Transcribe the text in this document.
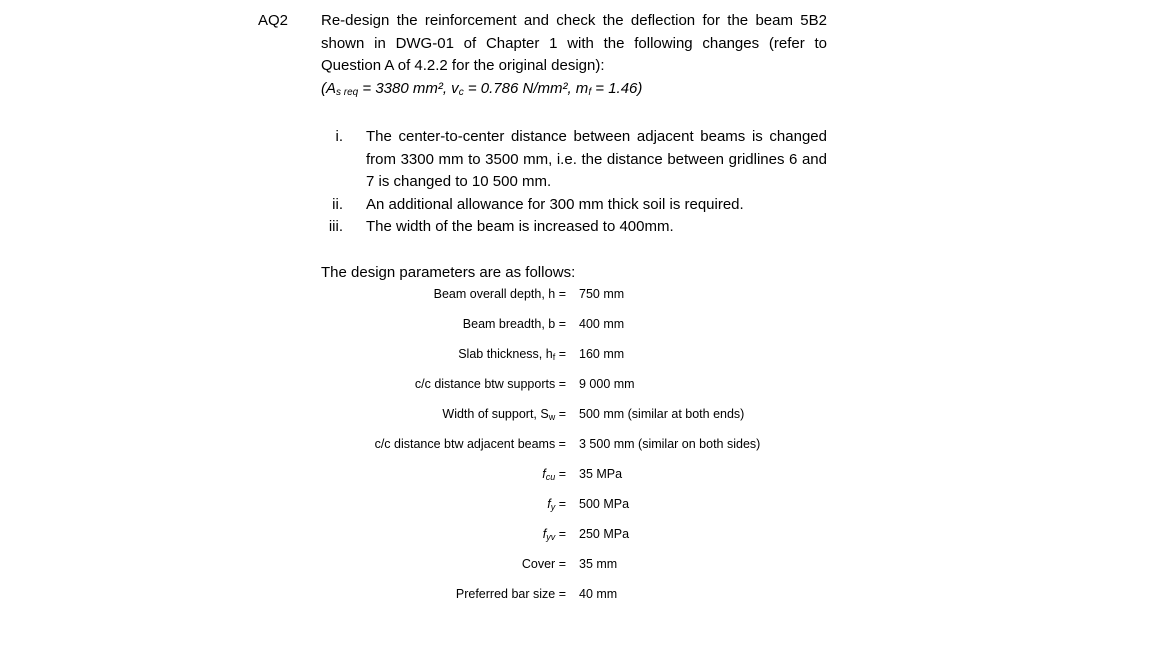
AQ2 Re-design the reinforcement and check the deflection for the beam 5B2 shown in DWG-01 of Chapter 1 with the following changes (refer to Question A of 4.2.2 for the original design):

($A_{s req} = 3380$ mm², $v_c = 0.786$ N/mm², $m_f = 1.46$)

i. The center-to-center distance between adjacent beams is changed from 3300 mm to 3500 mm, i.e. the distance between gridlines 6 and 7 is changed to 10 500 mm.
ii. An additional allowance for 300 mm thick soil is required.
iii. The width of the beam is increased to 400mm.

The design parameters are as follows:

Beam overall depth, h = 750 mm
Beam breadth, b = 400 mm
Slab thickness, hf = 160 mm
c/c distance btw supports = 9 000 mm
Width of support, Sw = 500 mm (similar at both ends)
c/c distance btw adjacent beams = 3 500 mm (similar on both sides)
fcu = 35 MPa
fy = 500 MPa
fyv = 250 MPa
Cover = 35 mm
Preferred bar size = 40 mm
